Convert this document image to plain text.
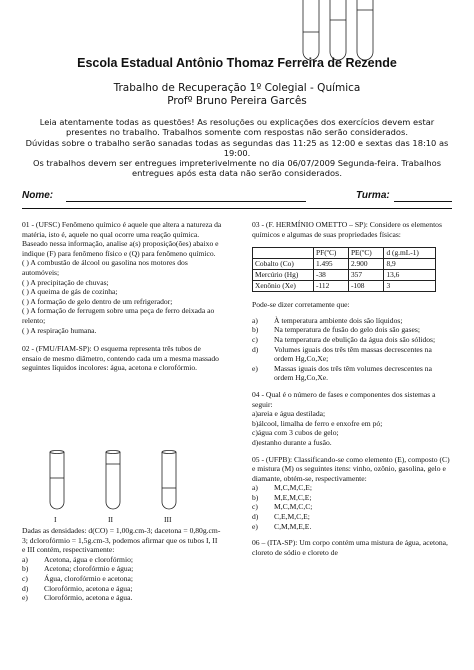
Escola Estadual Antônio Thomaz Ferreira de Rezende
Trabalho de Recuperação 1º Colegial - Química
Profº Bruno Pereira Garcês

Leia atentamente todas as questões! As resoluções ou explicações dos exercícios devem estar presentes no trabalho. Trabalhos somente com respostas não serão considerados.

Dúvidas sobre o trabalho serão sanadas todas as segundas das 11:25 as 12:00 e sextas das 18:10 as 19:00.

Os trabalhos devem ser entregues impreterivelmente no dia 06/07/2009 Segunda-feira. Trabalhos entregues após esta data não serão considerados.

Nome:	Turma:

01 - (UFSC) Fenômeno químico é aquele que altera a natureza da matéria, isto é, aquele no qual ocorre uma reação química. Baseado nessa informação, analise a(s) proposição(ões) abaixo e indique (F) para fenômeno físico e (Q) para fenômeno químico.

( ) A combustão de álcool ou gasolina nos motores dos automóveis;

( ) A precipitação de chuvas;

( ) A queima de gás de cozinha;

( ) A formação de gelo dentro de um refrigerador;

( ) A formação de ferrugem sobre uma peça de ferro deixada ao relento;

( ) A respiração humana.

02 - (FMU/FIAM-SP): O esquema representa três tubos de ensaio de mesmo diâmetro, contendo cada um a mesma massado seguintes líquidos incolores: água, acetona e clorofórmio.

I	II	III

Dadas as densidades: d(CO) = 1,00g.cm-3; dacetona = 0,80g.cm-3; dclorofórmio = 1,5g.cm-3, podemos afirmar que os tubos I, II e III contém, respectivamente:

a)	Acetona, água e clorofórmio;
b)	Acetona; clorofórmio e água;
c)	Água, clorofórmio e acetona;
d)	Clorofórmio, acetona e água;
e)	Clorofórmio, acetona e água.

03 - (F. HERMÍNIO OMETTO – SP): Considere os elementos químicos e algumas de suas propriedades físicas:

	PF(ºC)	PE(ºC)	d (g.mL-1)
Cobalto (Co)	1.495	2.900	8,9
Mercúrio (Hg)	-38	357	13,6
Xenônio (Xe)	-112	-108	3

Pode-se dizer corretamente que:

a)	À temperatura ambiente dois são líquidos;
b)	Na temperatura de fusão do gelo dois são gases;
c)	Na temperatura de ebulição da água dois são sólidos;
d)	Volumes iguais dos três têm massas decrescentes na ordem Hg,Co,Xe;
e)	Massas iguais dos três têm volumes decrescentes na ordem Hg,Co,Xe.

04 - Qual é o número de fases e componentes dos sistemas a seguir:

a)areia e água destilada;

b)álcool, limalha de ferro e enxofre em pó;

c)água com 3 cubos de gelo;

d)estanho durante a fusão.

05 - (UFPB): Classificando-se como elemento (E), composto (C) e mistura (M) os seguintes itens: vinho, ozônio, gasolina, gelo e diamante, obtém-se, respectivamente:

a)	M,C,M,C,E;
b)	M,E,M,C,E;
c)	M,C,M,C,C;
d)	C,E,M,C,E;
e)	C,M,M,E,E.

06 – (ITA-SP): Um corpo contém uma mistura de água, acetona, cloreto de sódio e cloreto de
